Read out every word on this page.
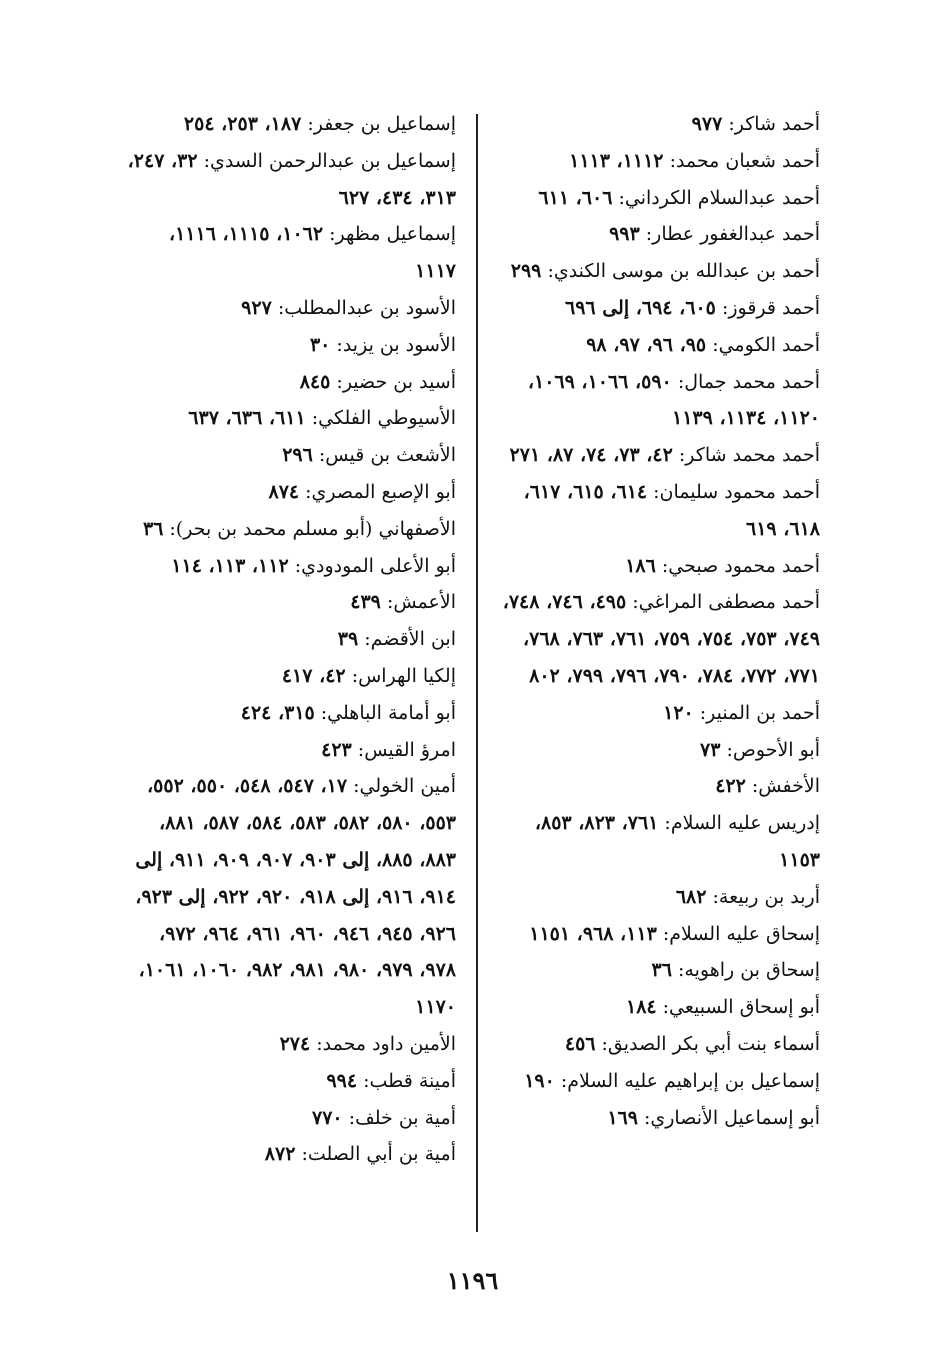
أحمد شاكر: ٩٧٧
أحمد شعبان محمد: ١١١٢، ١١١٣
أحمد عبدالسلام الكرداني: ٦٠٦، ٦١١
أحمد عبدالغفور عطار: ٩٩٣
أحمد بن عبدالله بن موسى الكندي: ٢٩٩
أحمد قرقوز: ٦٠٥، ٦٩٤، إلى ٦٩٦
أحمد الكومي: ٩٥، ٩٦، ٩٧، ٩٨
أحمد محمد جمال: ٥٩٠، ١٠٦٦، ١٠٦٩، ١١٢٠، ١١٣٤، ١١٣٩
أحمد محمد شاكر: ٤٢، ٧٣، ٧٤، ٨٧، ٢٧١
أحمد محمود سليمان: ٦١٤، ٦١٥، ٦١٧، ٦١٨، ٦١٩
أحمد محمود صبحي: ١٨٦
أحمد مصطفى المراغي: ٤٩٥، ٧٤٦، ٧٤٨، ٧٤٩، ٧٥٣، ٧٥٤، ٧٥٩، ٧٦١، ٧٦٣، ٧٦٨، ٧٧١، ٧٧٢، ٧٨٤، ٧٩٠، ٧٩٦، ٧٩٩، ٨٠٢
أحمد بن المنير: ١٢٠
أبو الأحوص: ٧٣
الأخفش: ٤٢٢
إدريس عليه السلام: ٧٦١، ٨٢٣، ٨٥٣، ١١٥٣
أربد بن ربيعة: ٦٨٢
إسحاق عليه السلام: ١١٣، ٩٦٨، ١١٥١
إسحاق بن راهويه: ٣٦
أبو إسحاق السبيعي: ١٨٤
أسماء بنت أبي بكر الصديق: ٤٥٦
إسماعيل بن إبراهيم عليه السلام: ١٩٠
أبو إسماعيل الأنصاري: ١٦٩
إسماعيل بن جعفر: ١٨٧، ٢٥٣، ٢٥٤
إسماعيل بن عبدالرحمن السدي: ٣٢، ٢٤٧، ٣١٣، ٤٣٤، ٦٢٧
إسماعيل مظهر: ١٠٦٢، ١١١٥، ١١١٦، ١١١٧
الأسود بن عبدالمطلب: ٩٢٧
الأسود بن يزيد: ٣٠
أسيد بن حضير: ٨٤٥
الأسيوطي الفلكي: ٦١١، ٦٣٦، ٦٣٧
الأشعث بن قيس: ٢٩٦
أبو الإصبع المصري: ٨٧٤
الأصفهاني (أبو مسلم محمد بن بحر): ٣٦
أبو الأعلى المودودي: ١١٢، ١١٣، ١١٤
الأعمش: ٤٣٩
ابن الأقضم: ٣٩
إلكيا الهراس: ٤٢، ٤١٧
أبو أمامة الباهلي: ٣١٥، ٤٢٤
امرؤ القيس: ٤٢٣
أمين الخولي: ١٧، ٥٤٧، ٥٤٨، ٥٥٠، ٥٥٢، ٥٥٣، ٥٨٠، ٥٨٢، ٥٨٣، ٥٨٤، ٥٨٧، ٨٨١، ٨٨٣، ٨٨٥، إلى ٩٠٣، ٩٠٧، ٩٠٩، ٩١١، إلى ٩١٤، ٩١٦، إلى ٩١٨، ٩٢٠، ٩٢٢، إلى ٩٢٣، ٩٢٦، ٩٤٥، ٩٤٦، ٩٦٠، ٩٦١، ٩٦٤، ٩٧٢، ٩٧٨، ٩٧٩، ٩٨٠، ٩٨١، ٩٨٢، ١٠٦٠، ١٠٦١، ١١٧٠
الأمين داود محمد: ٢٧٤
أمينة قطب: ٩٩٤
أمية بن خلف: ٧٧٠
أمية بن أبي الصلت: ٨٧٢
١١٩٦
